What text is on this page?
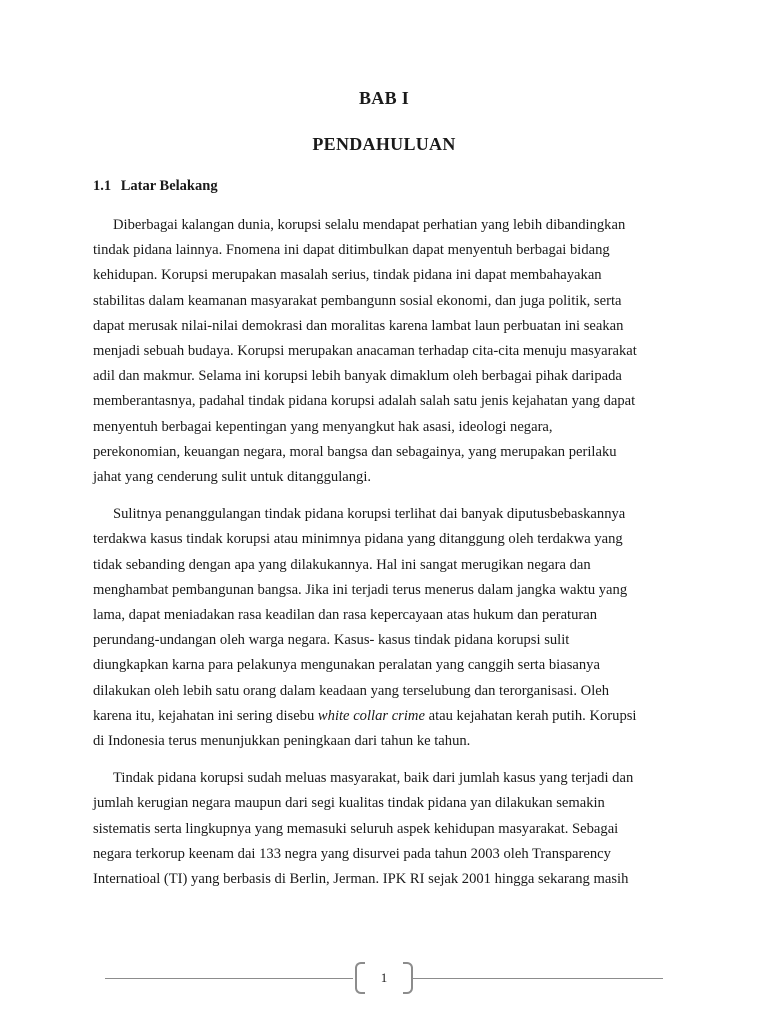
BAB I
PENDAHULUAN
1.1 Latar Belakang

Diberbagai kalangan dunia, korupsi selalu mendapat perhatian yang lebih dibandingkan
tindak pidana lainnya. Fnomena ini dapat ditimbulkan dapat menyentuh berbagai bidang
kehidupan. Korupsi merupakan masalah serius, tindak pidana ini dapat membahayakan
stabilitas dalam keamanan masyarakat pembangunn sosial ekonomi, dan juga politik, serta
dapat merusak nilai-nilai demokrasi dan moralitas karena lambat laun perbuatan ini seakan
menjadi sebuah budaya. Korupsi merupakan anacaman terhadap cita-cita menuju masyarakat
adil dan makmur. Selama ini korupsi lebih banyak dimaklum oleh berbagai pihak daripada
memberantasnya, padahal tindak pidana korupsi adalah salah satu jenis kejahatan yang dapat
menyentuh berbagai kepentingan yang menyangkut hak asasi, ideologi negara,
perekonomian, keuangan negara, moral bangsa dan sebagainya, yang merupakan perilaku
jahat yang cenderung sulit untuk ditanggulangi.

Sulitnya penanggulangan tindak pidana korupsi terlihat dai banyak diputusbebaskannya
terdakwa kasus tindak korupsi atau minimnya pidana yang ditanggung oleh terdakwa yang
tidak sebanding dengan apa yang dilakukannya. Hal ini sangat merugikan negara dan
menghambat pembangunan bangsa. Jika ini terjadi terus menerus dalam jangka waktu yang
lama, dapat meniadakan rasa keadilan dan rasa kepercayaan atas hukum dan peraturan
perundang-undangan oleh warga negara. Kasus- kasus tindak pidana korupsi sulit
diungkapkan karna para pelakunya mengunakan peralatan yang canggih serta biasanya
dilakukan oleh lebih satu orang dalam keadaan yang terselubung dan terorganisasi. Oleh
karena itu, kejahatan ini sering disebu white collar crime atau kejahatan kerah putih. Korupsi
di Indonesia terus menunjukkan peningkaan dari tahun ke tahun.

Tindak pidana korupsi sudah meluas masyarakat, baik dari jumlah kasus yang terjadi dan
jumlah kerugian negara maupun dari segi kualitas tindak pidana yan dilakukan semakin
sistematis serta lingkupnya yang memasuki seluruh aspek kehidupan masyarakat. Sebagai
negara terkorup keenam dai 133 negra yang disurvei pada tahun 2003 oleh Transparency
Internatioal (TI) yang berbasis di Berlin, Jerman. IPK RI sejak 2001 hingga sekarang masih

1
